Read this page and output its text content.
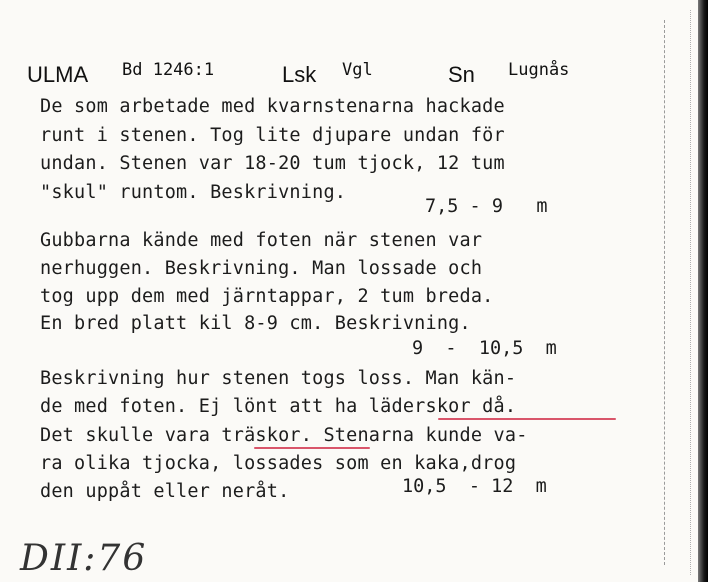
ULMA Bd 1246:1	Lsk Vgl	Sn Lugnås
De som arbetade med kvarnstenarna hackade
runt i stenen. Tog lite djupare undan för
undan. Stenen var 18-20 tum tjock, 12 tum
"skul" runtom. Beskrivning.
7,5 - 9   m
Gubbarna kände med foten när stenen var
nerhuggen. Beskrivning. Man lossade och
tog upp dem med järntappar, 2 tum breda.
En bred platt kil 8-9 cm. Beskrivning.
9  -  10,5  m
Beskrivning hur stenen togs loss. Man kän-
de med foten. Ej lönt att ha läderskor då.
Det skulle vara träskor. Stenarna kunde va-
ra olika tjocka, lossades som en kaka,drog
den uppåt eller neråt.	10,5  - 12  m
DII:76
